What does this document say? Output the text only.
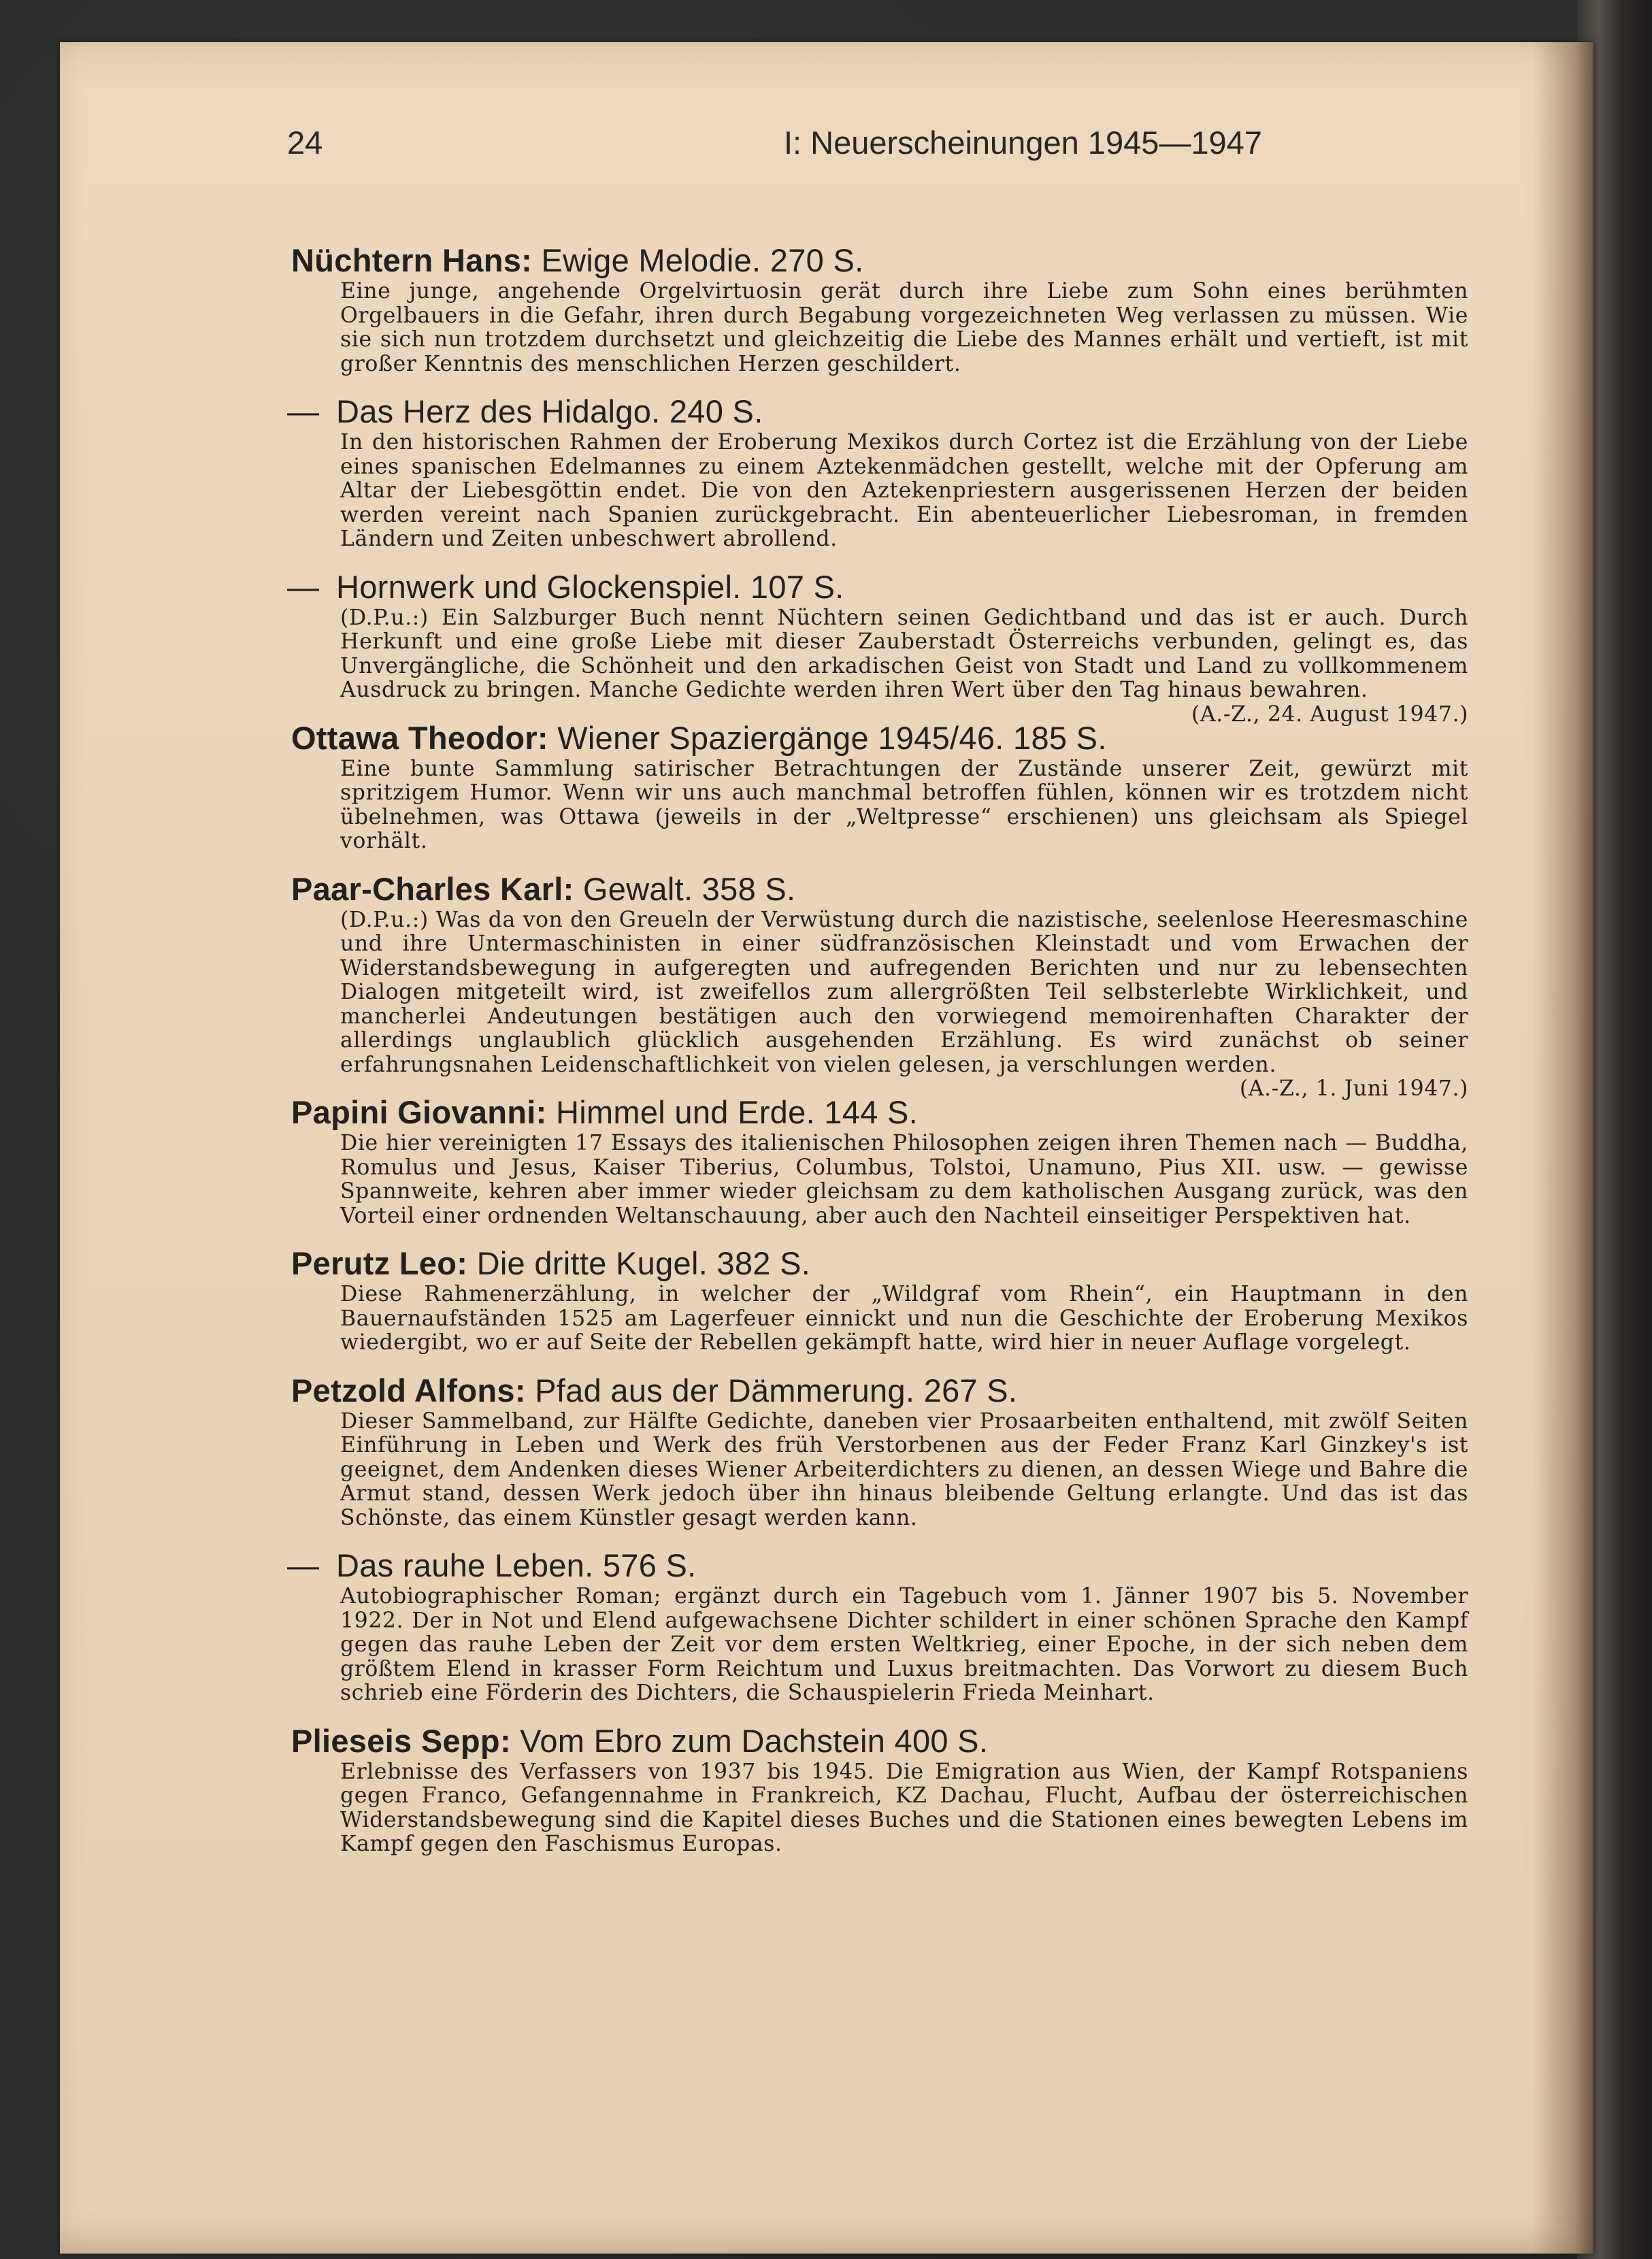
24	I: Neuerscheinungen 1945—1947
Nüchtern Hans: Ewige Melodie. 270 S.

Eine junge, angehende Orgelvirtuosin gerät durch ihre Liebe zum Sohn eines berühmten Orgelbauers in die Gefahr, ihren durch Begabung vorgezeichneten Weg verlassen zu müssen. Wie sie sich nun trotzdem durchsetzt und gleichzeitig die Liebe des Mannes erhält und vertieft, ist mit großer Kenntnis des menschlichen Herzen geschildert.

— Das Herz des Hidalgo. 240 S.

In den historischen Rahmen der Eroberung Mexikos durch Cortez ist die Erzählung von der Liebe eines spanischen Edelmannes zu einem Aztekenmädchen gestellt, welche mit der Opferung am Altar der Liebesgöttin endet. Die von den Aztekenpriestern ausgerissenen Herzen der beiden werden vereint nach Spanien zurückgebracht. Ein abenteuerlicher Liebesroman, in fremden Ländern und Zeiten unbeschwert abrollend.

— Hornwerk und Glockenspiel. 107 S.

(D.P.u.:) Ein Salzburger Buch nennt Nüchtern seinen Gedichtband und das ist er auch. Durch Herkunft und eine große Liebe mit dieser Zauberstadt Österreichs verbunden, gelingt es, das Unvergängliche, die Schönheit und den arkadischen Geist von Stadt und Land zu vollkommenem Ausdruck zu bringen. Manche Gedichte werden ihren Wert über den Tag hinaus bewahren.
(A.-Z., 24. August 1947.)

Ottawa Theodor: Wiener Spaziergänge 1945/46. 185 S.

Eine bunte Sammlung satirischer Betrachtungen der Zustände unserer Zeit, gewürzt mit spritzigem Humor. Wenn wir uns auch manchmal betroffen fühlen, können wir es trotzdem nicht übelnehmen, was Ottawa (jeweils in der „Weltpresse“ erschienen) uns gleichsam als Spiegel vorhält.

Paar-Charles Karl: Gewalt. 358 S.

(D.P.u.:) Was da von den Greueln der Verwüstung durch die nazistische, seelenlose Heeresmaschine und ihre Untermaschinisten in einer südfranzösischen Kleinstadt und vom Erwachen der Widerstandsbewegung in aufgeregten und aufregenden Berichten und nur zu lebensechten Dialogen mitgeteilt wird, ist zweifellos zum allergrößten Teil selbsterlebte Wirklichkeit, und mancherlei Andeutungen bestätigen auch den vorwiegend memoirenhaften Charakter der allerdings unglaublich glücklich ausgehenden Erzählung. Es wird zunächst ob seiner erfahrungsnahen Leidenschaftlichkeit von vielen gelesen, ja verschlungen werden.
(A.-Z., 1. Juni 1947.)

Papini Giovanni: Himmel und Erde. 144 S.

Die hier vereinigten 17 Essays des italienischen Philosophen zeigen ihren Themen nach — Buddha, Romulus und Jesus, Kaiser Tiberius, Columbus, Tolstoi, Unamuno, Pius XII. usw. — gewisse Spannweite, kehren aber immer wieder gleichsam zu dem katholischen Ausgang zurück, was den Vorteil einer ordnenden Weltanschauung, aber auch den Nachteil einseitiger Perspektiven hat.

Perutz Leo: Die dritte Kugel. 382 S.

Diese Rahmenerzählung, in welcher der „Wildgraf vom Rhein“, ein Hauptmann in den Bauernaufständen 1525 am Lagerfeuer einnickt und nun die Geschichte der Eroberung Mexikos wiedergibt, wo er auf Seite der Rebellen gekämpft hatte, wird hier in neuer Auflage vorgelegt.

Petzold Alfons: Pfad aus der Dämmerung. 267 S.

Dieser Sammelband, zur Hälfte Gedichte, daneben vier Prosaarbeiten enthaltend, mit zwölf Seiten Einführung in Leben und Werk des früh Verstorbenen aus der Feder Franz Karl Ginzkey's ist geeignet, dem Andenken dieses Wiener Arbeiterdichters zu dienen, an dessen Wiege und Bahre die Armut stand, dessen Werk jedoch über ihn hinaus bleibende Geltung erlangte. Und das ist das Schönste, das einem Künstler gesagt werden kann.

— Das rauhe Leben. 576 S.

Autobiographischer Roman; ergänzt durch ein Tagebuch vom 1. Jänner 1907 bis 5. November 1922. Der in Not und Elend aufgewachsene Dichter schildert in einer schönen Sprache den Kampf gegen das rauhe Leben der Zeit vor dem ersten Weltkrieg, einer Epoche, in der sich neben dem größtem Elend in krasser Form Reichtum und Luxus breitmachten. Das Vorwort zu diesem Buch schrieb eine Förderin des Dichters, die Schauspielerin Frieda Meinhart.

Plieseis Sepp: Vom Ebro zum Dachstein 400 S.

Erlebnisse des Verfassers von 1937 bis 1945. Die Emigration aus Wien, der Kampf Rotspaniens gegen Franco, Gefangennahme in Frankreich, KZ Dachau, Flucht, Aufbau der österreichischen Widerstandsbewegung sind die Kapitel dieses Buches und die Stationen eines bewegten Lebens im Kampf gegen den Faschismus Europas.
